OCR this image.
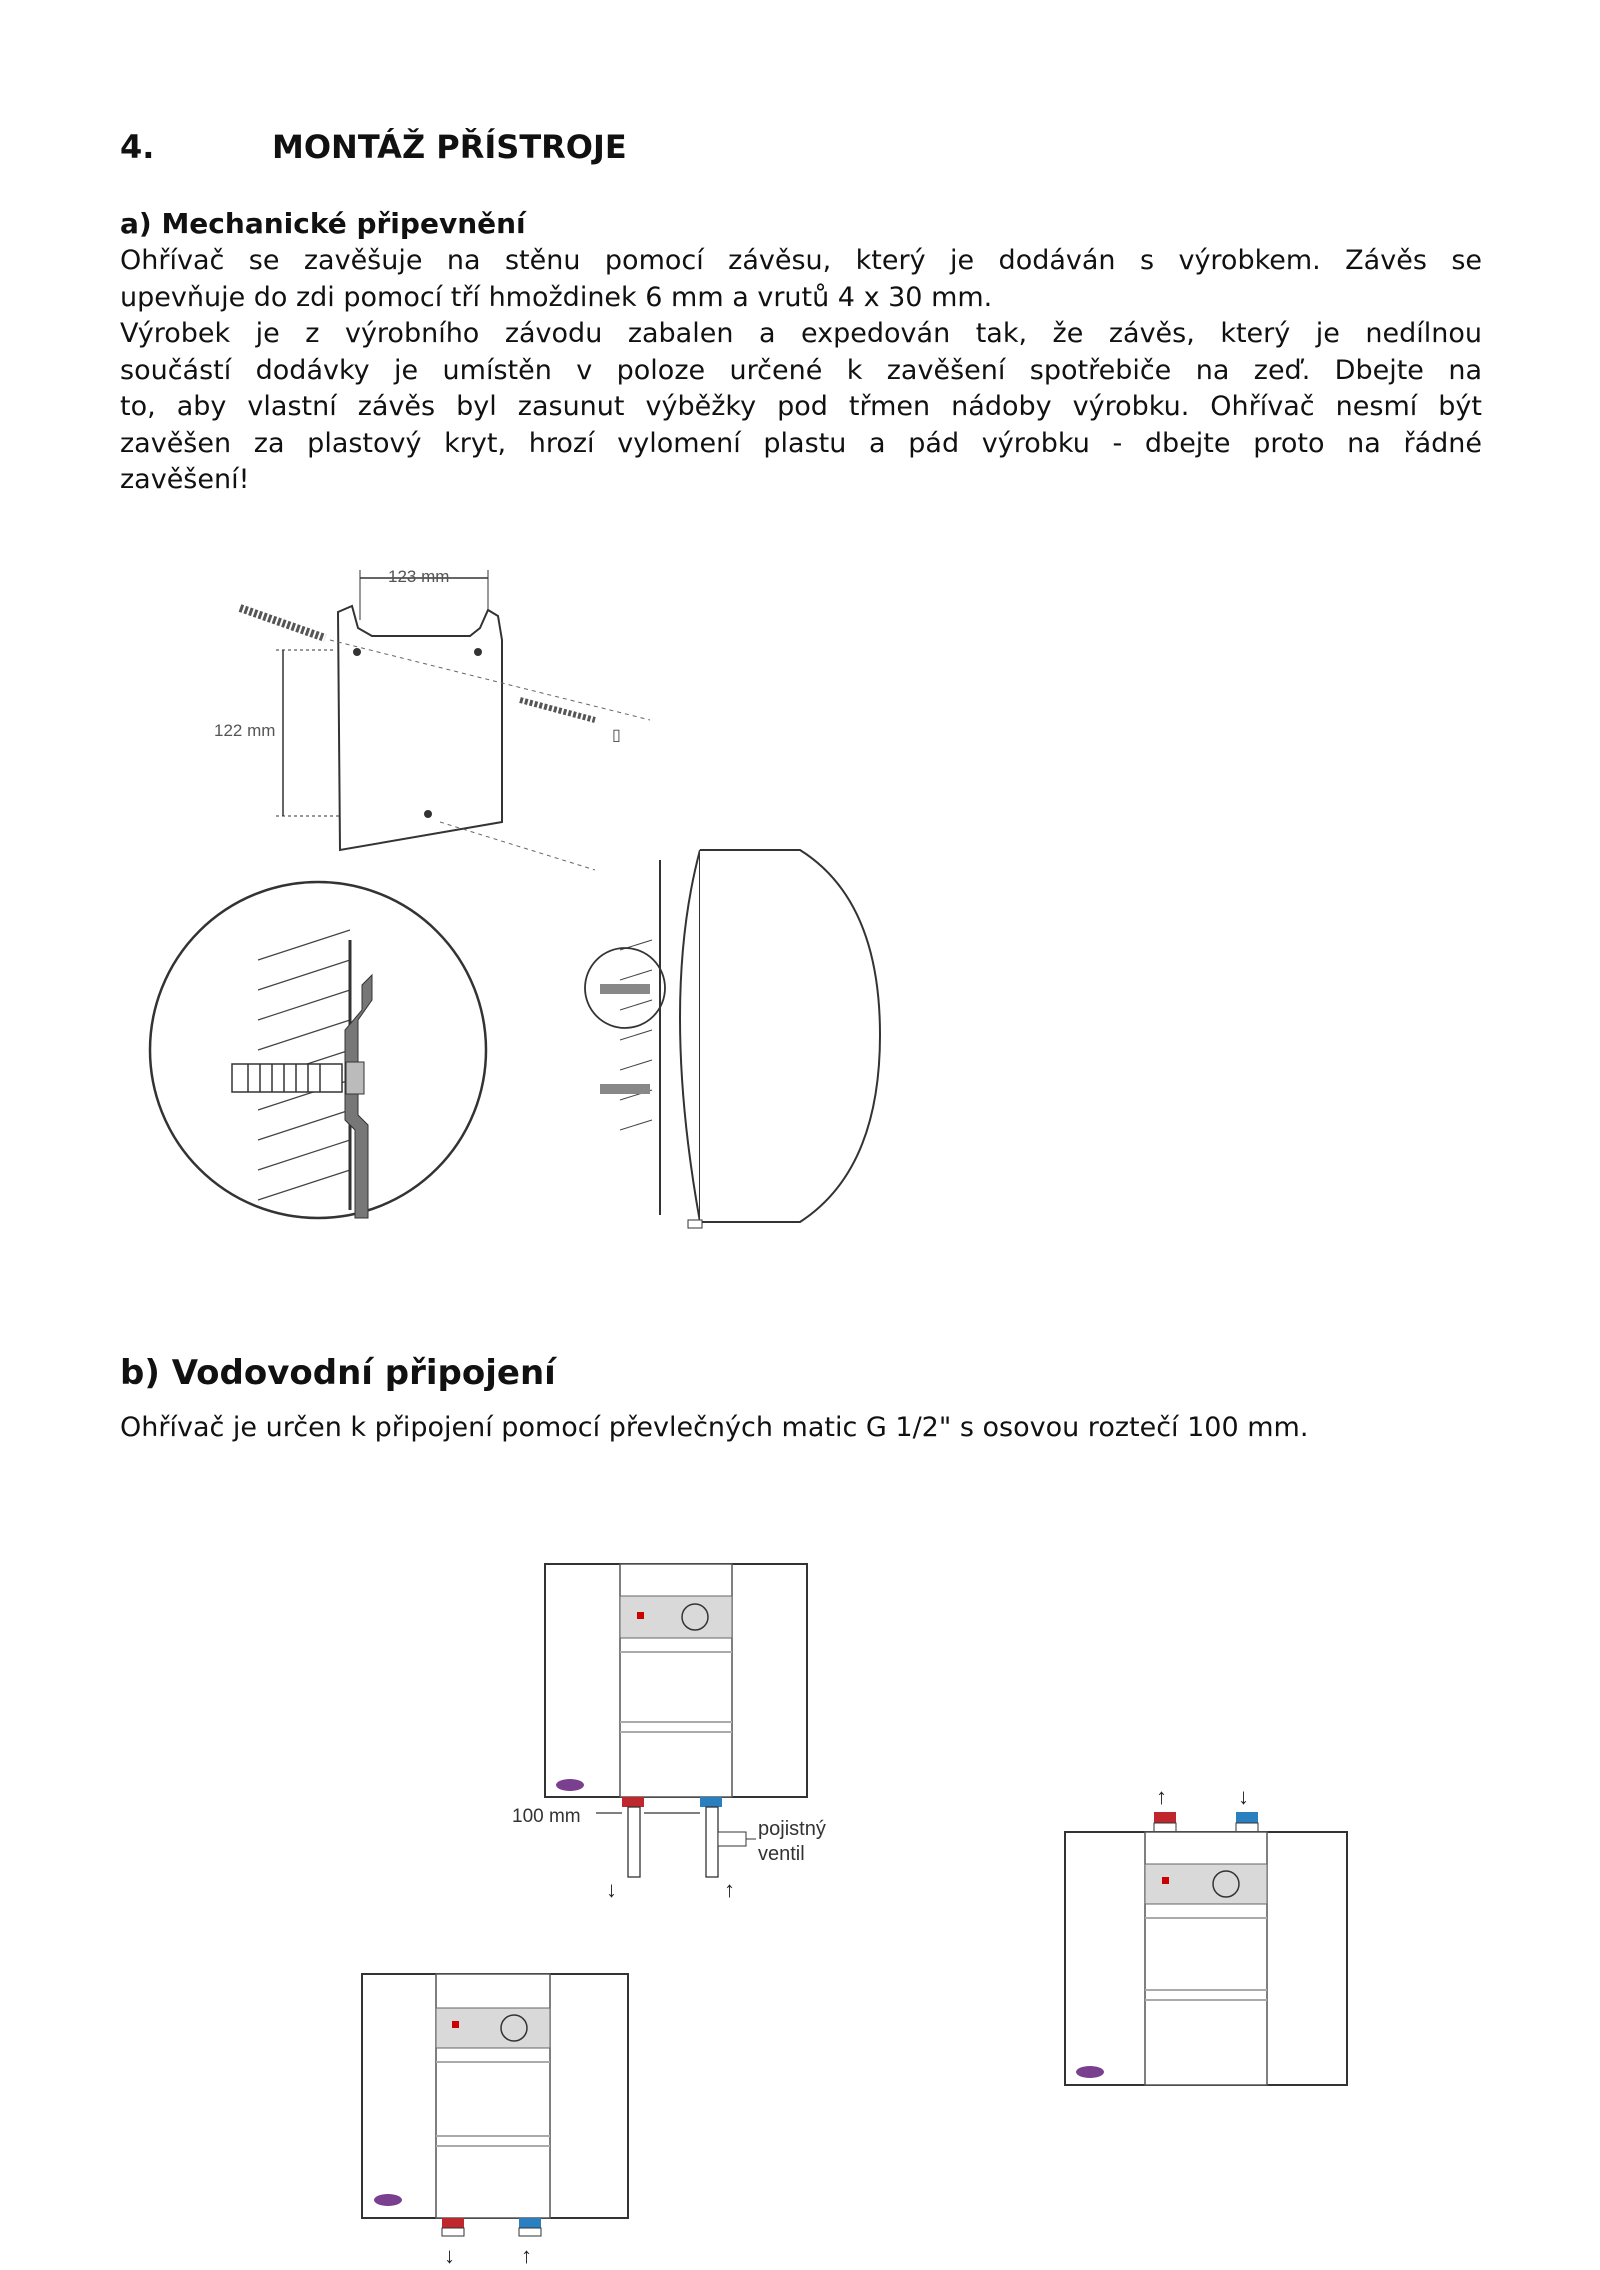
4.	MONTÁŽ PŘÍSTROJE
a) Mechanické připevnění
Ohřívač se zavěšuje na stěnu pomocí závěsu, který je dodáván s výrobkem. Závěs se
upevňuje do zdi pomocí tří hmoždinek 6 mm a vrutů 4 x 30 mm.
Výrobek je z výrobního závodu zabalen a expedován tak, že závěs, který je nedílnou
součástí dodávky je umístěn v poloze určené k zavěšení spotřebiče na zeď. Dbejte na
to, aby vlastní závěs byl zasunut výběžky pod třmen nádoby výrobku. Ohřívač nesmí být
zavěšen za plastový kryt, hrozí vylomení plastu a pád výrobku - dbejte proto na řádné
zavěšení!
123 mm
122 mm	▯
b) Vodovodní připojení
Ohřívač je určen k připojení pomocí převlečných matic G 1/2" s osovou roztečí 100 mm.
100 mm
pojistný
ventil
↓	↑
↑	↓
↓	↑
